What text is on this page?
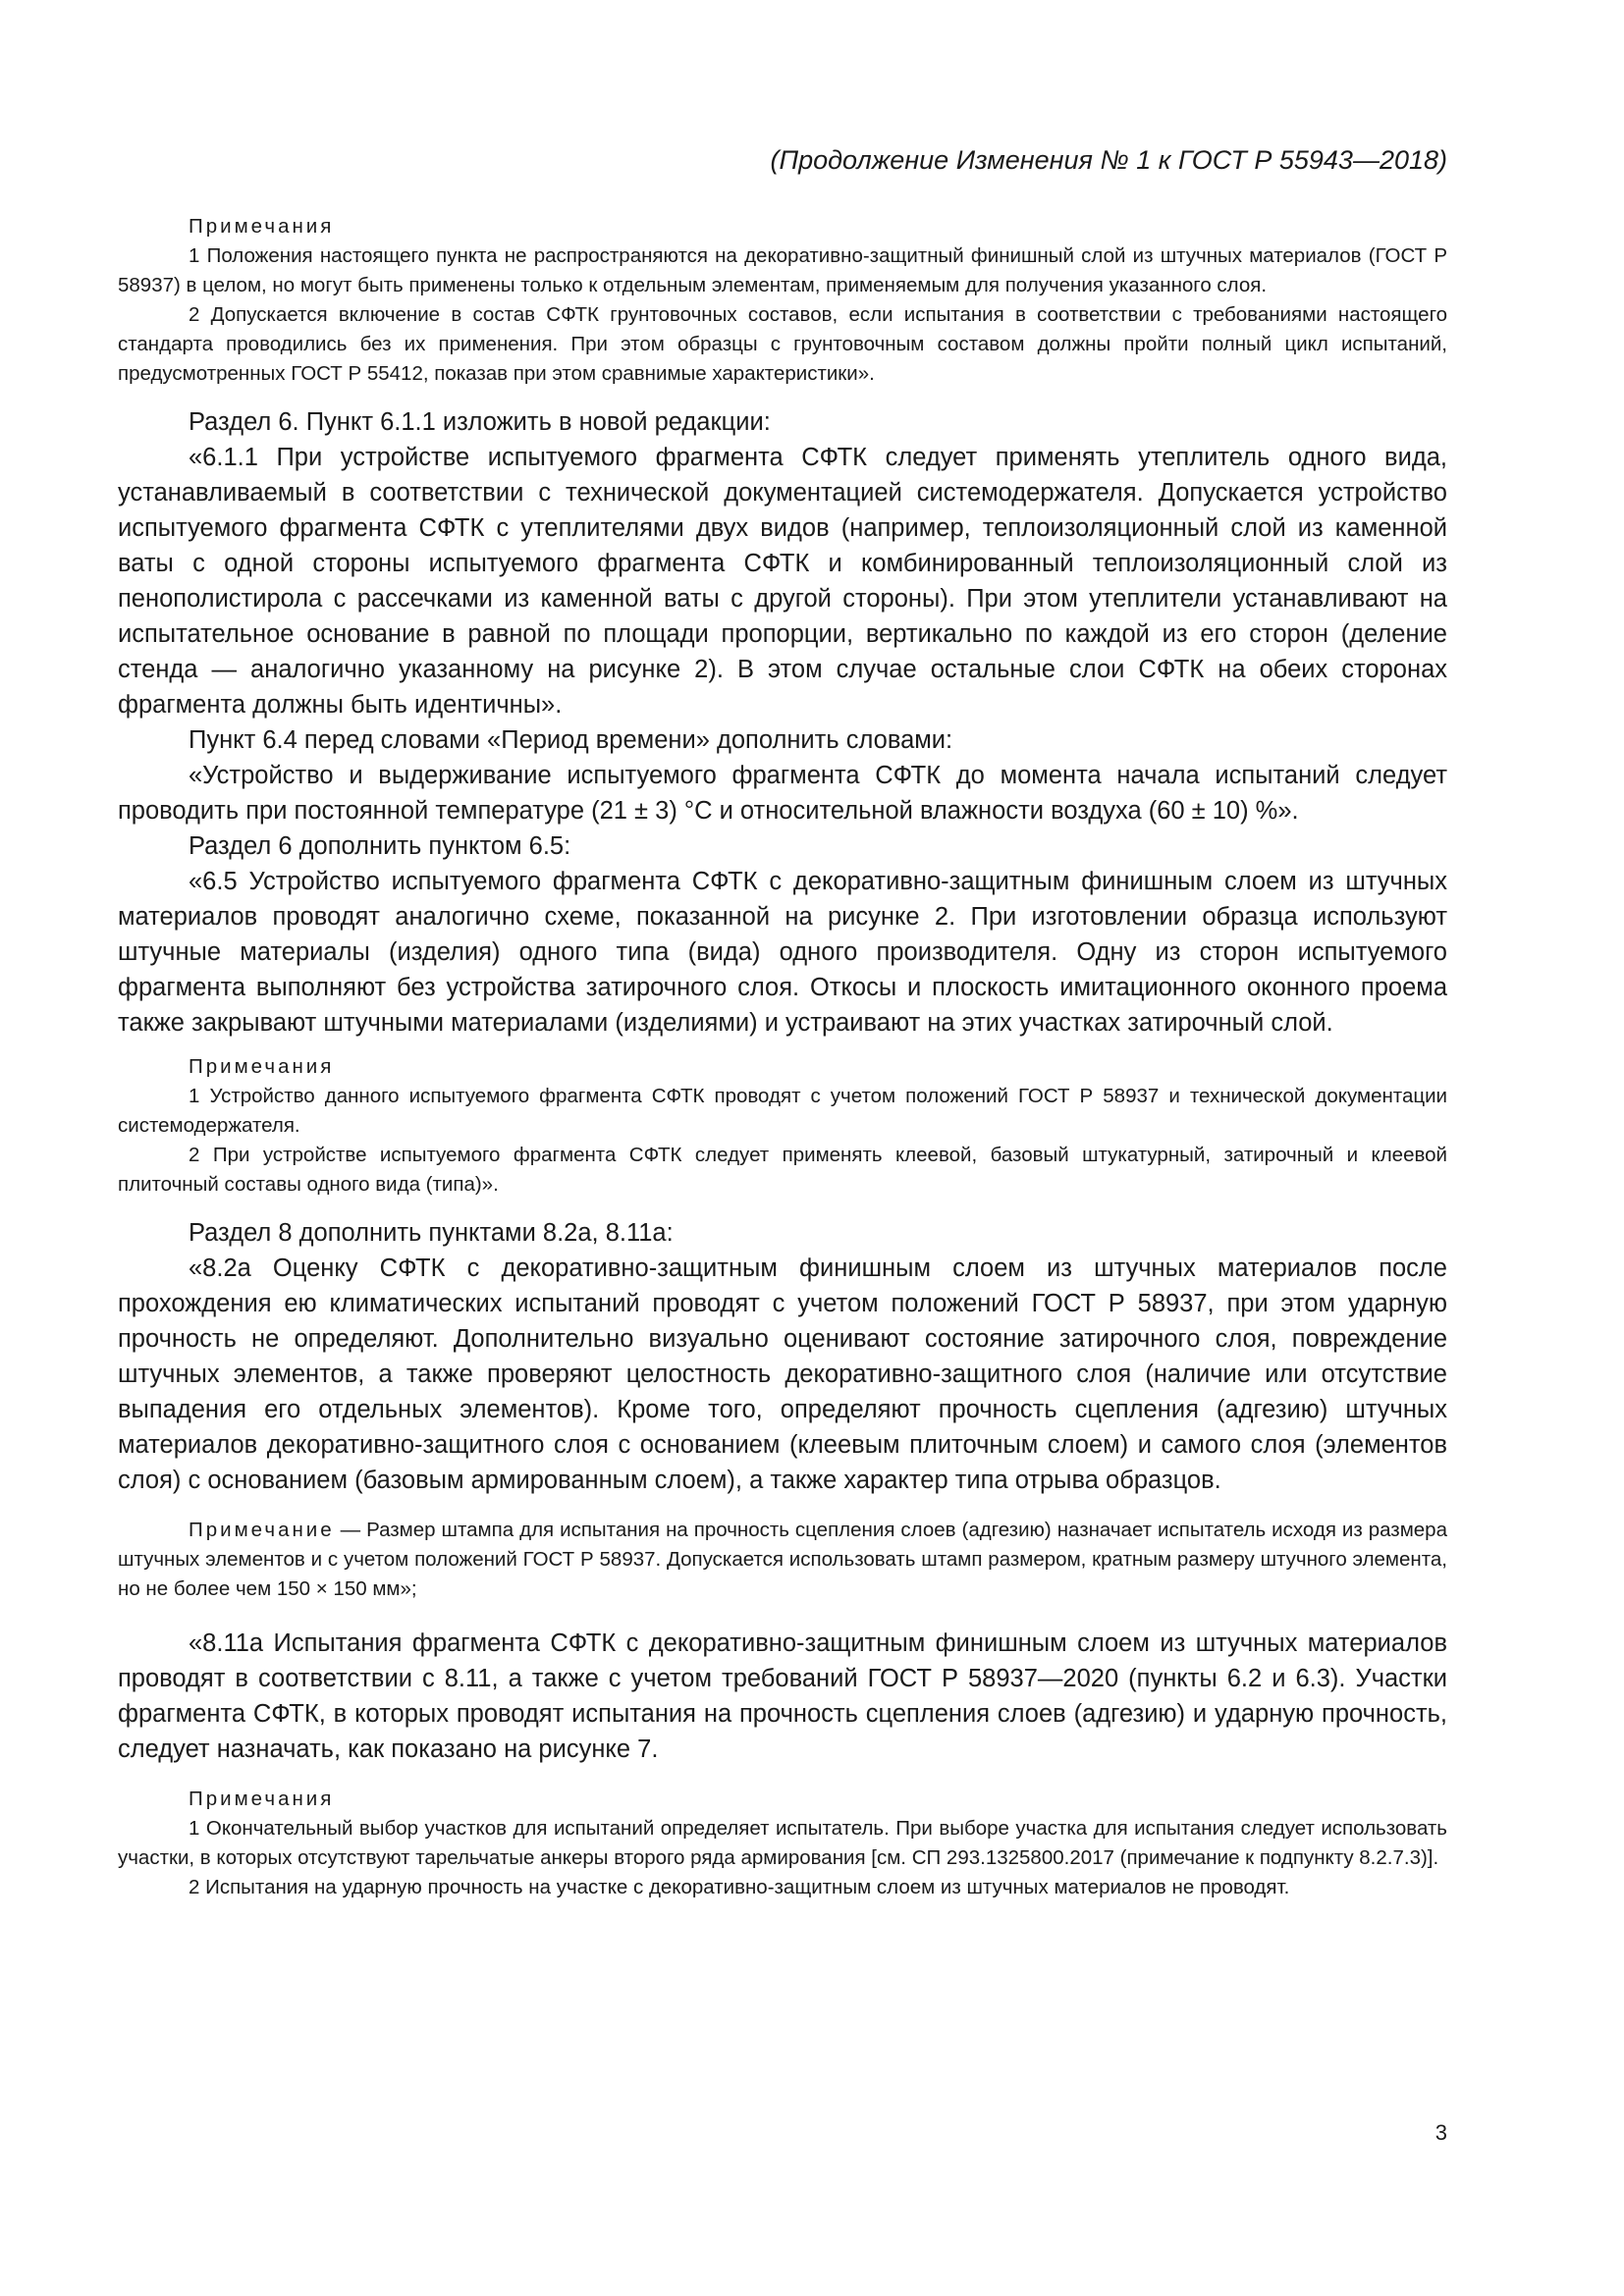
(Продолжение Изменения № 1 к ГОСТ Р 55943—2018)

Примечания

1 Положения настоящего пункта не распространяются на декоративно-защитный финишный слой из штучных материалов (ГОСТ Р 58937) в целом, но могут быть применены только к отдельным элементам, применяемым для получения указанного слоя.

2 Допускается включение в состав СФТК грунтовочных составов, если испытания в соответствии с требованиями настоящего стандарта проводились без их применения. При этом образцы с грунтовочным составом должны пройти полный цикл испытаний, предусмотренных ГОСТ Р 55412, показав при этом сравнимые характеристики».

Раздел 6. Пункт 6.1.1 изложить в новой редакции:

«6.1.1 При устройстве испытуемого фрагмента СФТК следует применять утеплитель одного вида, устанавливаемый в соответствии с технической документацией системодержателя. Допускается устройство испытуемого фрагмента СФТК с утеплителями двух видов (например, теплоизоляционный слой из каменной ваты с одной стороны испытуемого фрагмента СФТК и комбинированный теплоизоляционный слой из пенополистирола с рассечками из каменной ваты с другой стороны). При этом утеплители устанавливают на испытательное основание в равной по площади пропорции, вертикально по каждой из его сторон (деление стенда — аналогично указанному на рисунке 2). В этом случае остальные слои СФТК на обеих сторонах фрагмента должны быть идентичны».

Пункт 6.4 перед словами «Период времени» дополнить словами:

«Устройство и выдерживание испытуемого фрагмента СФТК до момента начала испытаний следует проводить при постоянной температуре (21 ± 3) °С и относительной влажности воздуха (60 ± 10) %».

Раздел 6 дополнить пунктом 6.5:

«6.5 Устройство испытуемого фрагмента СФТК с декоративно-защитным финишным слоем из штучных материалов проводят аналогично схеме, показанной на рисунке 2. При изготовлении образца используют штучные материалы (изделия) одного типа (вида) одного производителя. Одну из сторон испытуемого фрагмента выполняют без устройства затирочного слоя. Откосы и плоскость имитационного оконного проема также закрывают штучными материалами (изделиями) и устраивают на этих участках затирочный слой.

Примечания

1 Устройство данного испытуемого фрагмента СФТК проводят с учетом положений ГОСТ Р 58937 и технической документации системодержателя.

2 При устройстве испытуемого фрагмента СФТК следует применять клеевой, базовый штукатурный, затирочный и клеевой плиточный составы одного вида (типа)».

Раздел 8 дополнить пунктами 8.2а, 8.11а:

«8.2а Оценку СФТК с декоративно-защитным финишным слоем из штучных материалов после прохождения ею климатических испытаний проводят с учетом положений ГОСТ Р 58937, при этом ударную прочность не определяют. Дополнительно визуально оценивают состояние затирочного слоя, повреждение штучных элементов, а также проверяют целостность декоративно-защитного слоя (наличие или отсутствие выпадения его отдельных элементов). Кроме того, определяют прочность сцепления (адгезию) штучных материалов декоративно-защитного слоя с основанием (клеевым плиточным слоем) и самого слоя (элементов слоя) с основанием (базовым армированным слоем), а также характер типа отрыва образцов.

Примечание — Размер штампа для испытания на прочность сцепления слоев (адгезию) назначает испытатель исходя из размера штучных элементов и с учетом положений ГОСТ Р 58937. Допускается использовать штамп размером, кратным размеру штучного элемента, но не более чем 150 × 150 мм»;

«8.11а Испытания фрагмента СФТК с декоративно-защитным финишным слоем из штучных материалов проводят в соответствии с 8.11, а также с учетом требований ГОСТ Р 58937—2020 (пункты 6.2 и 6.3). Участки фрагмента СФТК, в которых проводят испытания на прочность сцепления слоев (адгезию) и ударную прочность, следует назначать, как показано на рисунке 7.

Примечания

1 Окончательный выбор участков для испытаний определяет испытатель. При выборе участка для испытания следует использовать участки, в которых отсутствуют тарельчатые анкеры второго ряда армирования [см. СП 293.1325800.2017 (примечание к подпункту 8.2.7.3)].

2 Испытания на ударную прочность на участке с декоративно-защитным слоем из штучных материалов не проводят.

3
